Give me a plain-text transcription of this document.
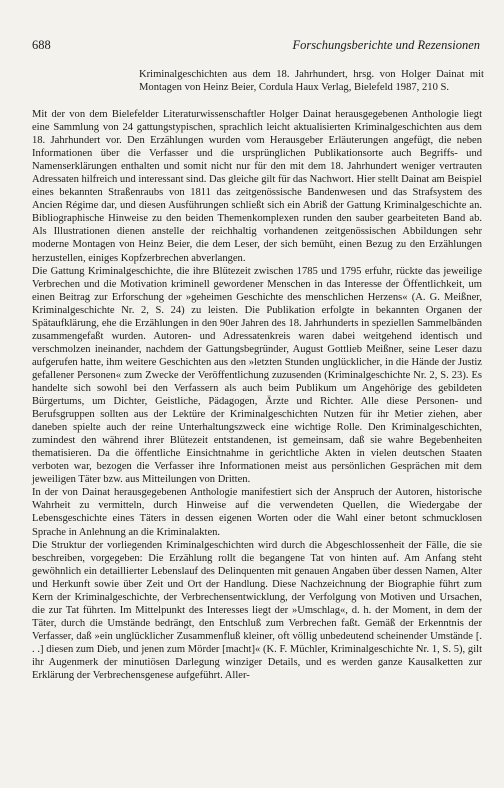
688	Forschungsberichte und Rezensionen
Kriminalgeschichten aus dem 18. Jahrhundert, hrsg. von Holger Dainat mit Montagen von Heinz Beier, Cordula Haux Verlag, Bielefeld 1987, 210 S.

Mit der von dem Bielefelder Literaturwissenschaftler Holger Dainat herausgegebenen Anthologie liegt eine Sammlung von 24 gattungstypischen, sprachlich leicht aktualisierten Kriminalgeschichten aus dem 18. Jahrhundert vor. Den Erzählungen wurden vom Herausgeber Erläuterungen angefügt, die neben Informationen über die Verfasser und die ursprünglichen Publikationsorte auch Begriffs- und Namenserklärungen enthalten und somit nicht nur für den mit dem 18. Jahrhundert weniger vertrauten Adressaten hilfreich und interessant sind. Das gleiche gilt für das Nachwort. Hier stellt Dainat am Beispiel eines bekannten Straßenraubs von 1811 das zeitgenössische Bandenwesen und das Strafsystem des Ancien Régime dar, und diesen Ausführungen schließt sich ein Abriß der Gattung Kriminalgeschichte an. Bibliographische Hinweise zu den beiden Themenkomplexen runden den sauber gearbeiteten Band ab. Als Illustrationen dienen anstelle der reichhaltig vorhandenen zeitgenössischen Abbildungen sehr moderne Montagen von Heinz Beier, die dem Leser, der sich bemüht, einen Bezug zu den Erzählungen herzustellen, einiges Kopfzerbrechen abverlangen.

Die Gattung Kriminalgeschichte, die ihre Blütezeit zwischen 1785 und 1795 erfuhr, rückte das jeweilige Verbrechen und die Motivation kriminell gewordener Menschen in das Interesse der Öffentlichkeit, um einen Beitrag zur Erforschung der »geheimen Geschichte des menschlichen Herzens« (A. G. Meißner, Kriminalgeschichte Nr. 2, S. 24) zu leisten. Die Publikation erfolgte in bekannten Organen der Spätaufklärung, ehe die Erzählungen in den 90er Jahren des 18. Jahrhunderts in speziellen Sammelbänden zusammengefaßt wurden. Autoren- und Adressatenkreis waren dabei weitgehend identisch und verschmolzen ineinander, nachdem der Gattungsbegründer, August Gottlieb Meißner, seine Leser dazu aufgerufen hatte, ihm weitere Geschichten aus den »letzten Stunden unglücklicher, in die Hände der Justiz gefallener Personen« zum Zwecke der Veröffentlichung zuzusenden (Kriminalgeschichte Nr. 2, S. 23). Es handelte sich sowohl bei den Verfassern als auch beim Publikum um Angehörige des gebildeten Bürgertums, um Dichter, Geistliche, Pädagogen, Ärzte und Richter. Alle diese Personen- und Berufsgruppen sollten aus der Lektüre der Kriminalgeschichten Nutzen für ihr Metier ziehen, aber daneben spielte auch der reine Unterhaltungszweck eine wichtige Rolle. Den Kriminalgeschichten, zumindest den während ihrer Blütezeit entstandenen, ist gemeinsam, daß sie wahre Begebenheiten thematisieren. Da die öffentliche Einsichtnahme in gerichtliche Akten in vielen deutschen Staaten verboten war, bezogen die Verfasser ihre Informationen meist aus persönlichen Gesprächen mit dem jeweiligen Täter bzw. aus Mitteilungen von Dritten.

In der von Dainat herausgegebenen Anthologie manifestiert sich der Anspruch der Autoren, historische Wahrheit zu vermitteln, durch Hinweise auf die verwendeten Quellen, die Wiedergabe der Lebensgeschichte eines Täters in dessen eigenen Worten oder die Wahl einer betont schmucklosen Sprache in Anlehnung an die Kriminalakten.

Die Struktur der vorliegenden Kriminalgeschichten wird durch die Abgeschlossenheit der Fälle, die sie beschreiben, vorgegeben: Die Erzählung rollt die begangene Tat von hinten auf. Am Anfang steht gewöhnlich ein detaillierter Lebenslauf des Delinquenten mit genauen Angaben über dessen Namen, Alter und Herkunft sowie über Zeit und Ort der Handlung. Diese Nachzeichnung der Biographie führt zum Kern der Kriminalgeschichte, der Verbrechensentwicklung, der Verfolgung von Motiven und Ursachen, die zur Tat führten. Im Mittelpunkt des Interesses liegt der »Umschlag«, d. h. der Moment, in dem der Täter, durch die Umstände bedrängt, den Entschluß zum Verbrechen faßt. Gemäß der Erkenntnis der Verfasser, daß »ein unglücklicher Zusammenfluß kleiner, oft völlig unbedeutend scheinender Umstände [. . .] diesen zum Dieb, und jenen zum Mörder [macht]« (K. F. Müchler, Kriminalgeschichte Nr. 1, S. 5), gilt ihr Augenmerk der minutiösen Darlegung winziger Details, und es werden ganze Kausalketten zur Erklärung der Verbrechensgenese aufgeführt. Aller-
